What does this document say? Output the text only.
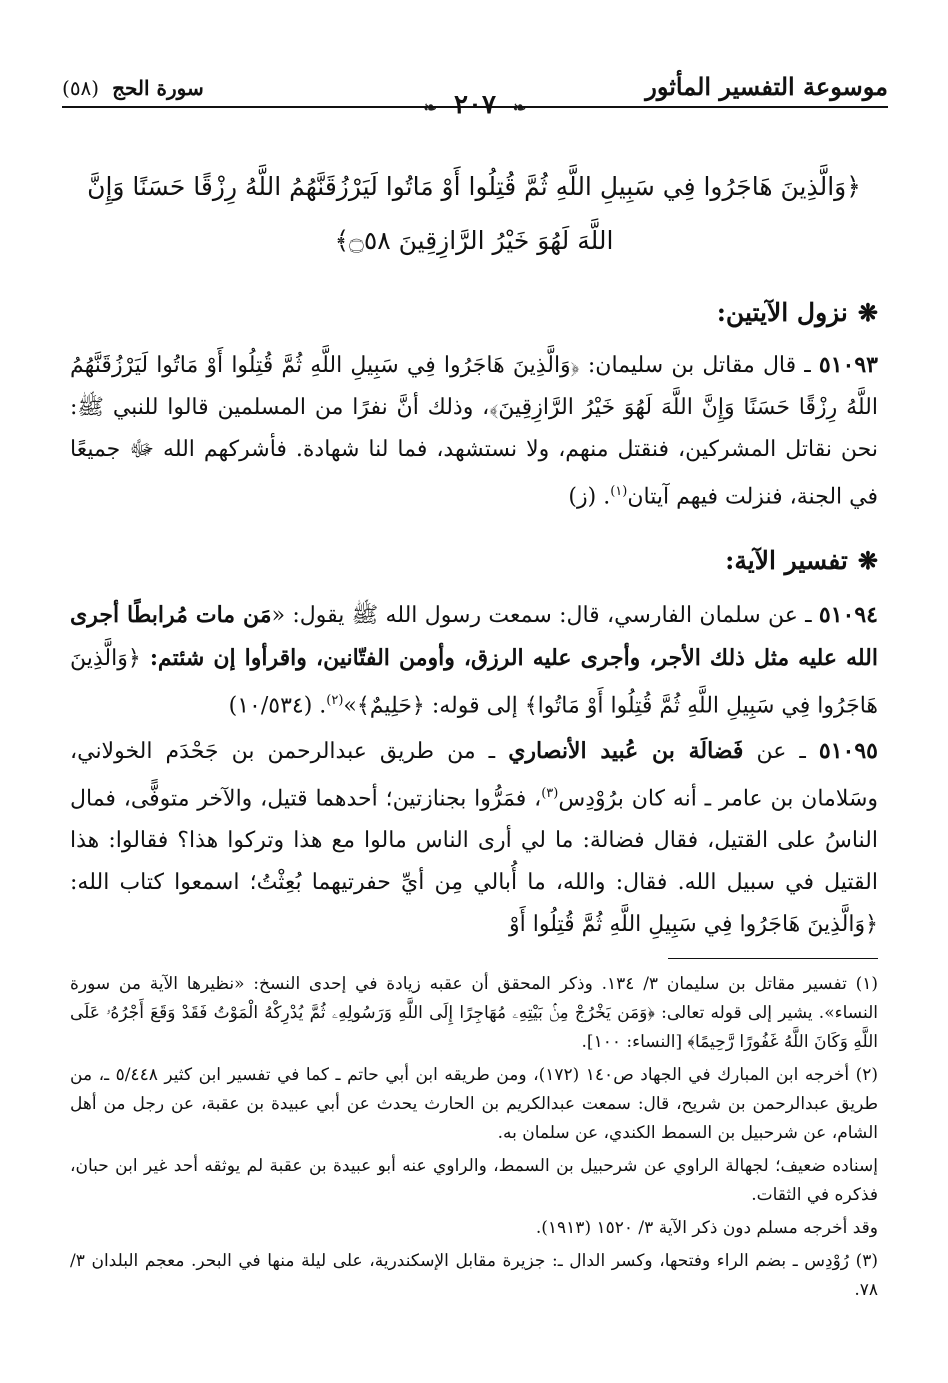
موسوعة التفسير المأثور
❧ ٢٠٧ ❧
سورة الحج (٥٨)
﴿وَالَّذِينَ هَاجَرُوا فِي سَبِيلِ اللَّهِ ثُمَّ قُتِلُوا أَوْ مَاتُوا لَيَرْزُقَنَّهُمُ اللَّهُ رِزْقًا حَسَنًا وَإِنَّ اللَّهَ لَهُوَ خَيْرُ الرَّازِقِينَ ۝٥٨﴾
❋نزول الآيتين:
٥١٠٩٣ ـ قال مقاتل بن سليمان: ﴿وَالَّذِينَ هَاجَرُوا فِي سَبِيلِ اللَّهِ ثُمَّ قُتِلُوا أَوْ مَاتُوا لَيَرْزُقَنَّهُمُ اللَّهُ رِزْقًا حَسَنًا وَإِنَّ اللَّهَ لَهُوَ خَيْرُ الرَّازِقِينَ﴾، وذلك أنَّ نفرًا من المسلمين قالوا للنبي ﷺ: نحن نقاتل المشركين، فنقتل منهم، ولا نستشهد، فما لنا شهادة. فأشركهم الله ﷻ جميعًا في الجنة، فنزلت فيهم آيتان$^{(١)}$. (ز)
❋تفسير الآية:
٥١٠٩٤ ـ عن سلمان الفارسي، قال: سمعت رسول الله ﷺ يقول: «مَن مات مُرابطًا أجرى الله عليه مثل ذلك الأجر، وأجرى عليه الرزق، وأومن الفتّانين، واقرأوا إن شئتم: ﴿وَالَّذِينَ هَاجَرُوا فِي سَبِيلِ اللَّهِ ثُمَّ قُتِلُوا أَوْ مَاتُوا﴾ إلى قوله: ﴿حَلِيمٌ﴾»$^{(٢)}$. (١٠/٥٣٤)
٥١٠٩٥ ـ عن فَضالَة بن عُبيد الأنصاري ـ من طريق عبدالرحمن بن جَحْدَم الخولاني، وسَلامان بن عامر ـ أنه كان برُوْدِس$^{(٣)}$، فمَرُّوا بجنازتين؛ أحدهما قتيل، والآخر متوفًّى، فمال الناسُ على القتيل، فقال فضالة: ما لي أرى الناس مالوا مع هذا وتركوا هذا؟ فقالوا: هذا القتيل في سبيل الله. فقال: والله، ما أُبالي مِن أيِّ حفرتيهما بُعِثْتُ؛ اسمعوا كتاب الله: ﴿وَالَّذِينَ هَاجَرُوا فِي سَبِيلِ اللَّهِ ثُمَّ قُتِلُوا أَوْ

(١) تفسير مقاتل بن سليمان ٣/ ١٣٤. وذكر المحقق أن عقبه زيادة في إحدى النسخ: «نظيرها الآية من سورة النساء». يشير إلى قوله تعالى: ﴿وَمَن يَخْرُجْ مِنۢ بَيْتِهِۦ مُهَاجِرًا إِلَى اللَّهِ وَرَسُولِهِۦ ثُمَّ يُدْرِكْهُ الْمَوْتُ فَقَدْ وَقَعَ أَجْرُهُۥ عَلَى اللَّهِ وَكَانَ اللَّهُ غَفُورًا رَّحِيمًا﴾ [النساء: ١٠٠].

(٢) أخرجه ابن المبارك في الجهاد ص١٤٠ (١٧٢)، ومن طريقه ابن أبي حاتم ـ كما في تفسير ابن كثير ٥/٤٤٨ ـ، من طريق عبدالرحمن بن شريح، قال: سمعت عبدالكريم بن الحارث يحدث عن أبي عبيدة بن عقبة، عن رجل من أهل الشام، عن شرحبيل بن السمط الكندي، عن سلمان به.

إسناده ضعيف؛ لجهالة الراوي عن شرحبيل بن السمط، والراوي عنه أبو عبيدة بن عقبة لم يوثقه أحد غير ابن حبان، فذكره في الثقات.

وقد أخرجه مسلم دون ذكر الآية ٣/ ١٥٢٠ (١٩١٣).

(٣) رُوْدِس ـ بضم الراء وفتحها، وكسر الدال ـ: جزيرة مقابل الإسكندرية، على ليلة منها في البحر. معجم البلدان ٣/ ٧٨.
